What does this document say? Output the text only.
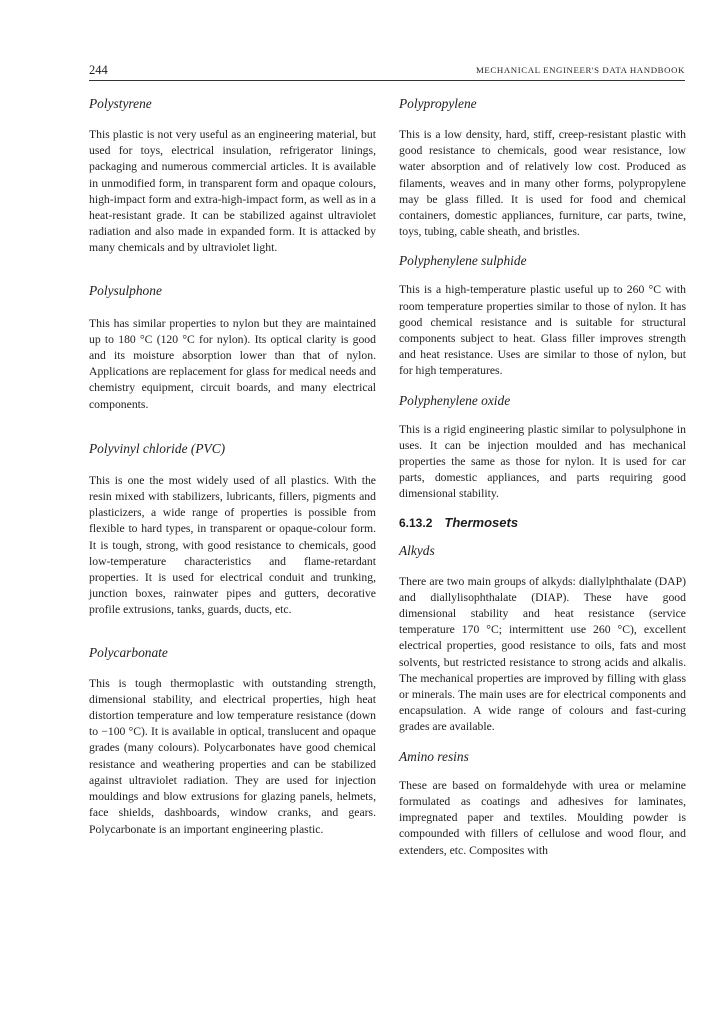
244	MECHANICAL ENGINEER'S DATA HANDBOOK
Polystyrene

This plastic is not very useful as an engineering material, but used for toys, electrical insulation, refrigerator linings, packaging and numerous commercial articles. It is available in unmodified form, in transparent form and opaque colours, high-impact form and extra-high-impact form, as well as in a heat-resistant grade. It can be stabilized against ultraviolet radiation and also made in expanded form. It is attacked by many chemicals and by ultraviolet light.

Polysulphone

This has similar properties to nylon but they are maintained up to 180 °C (120 °C for nylon). Its optical clarity is good and its moisture absorption lower than that of nylon. Applications are replacement for glass for medical needs and chemistry equipment, circuit boards, and many electrical components.

Polyvinyl chloride (PVC)

This is one the most widely used of all plastics. With the resin mixed with stabilizers, lubricants, fillers, pigments and plasticizers, a wide range of properties is possible from flexible to hard types, in transparent or opaque-colour form. It is tough, strong, with good resistance to chemicals, good low-temperature characteristics and flame-retardant properties. It is used for electrical conduit and trunking, junction boxes, rainwater pipes and gutters, decorative profile extrusions, tanks, guards, ducts, etc.

Polycarbonate

This is tough thermoplastic with outstanding strength, dimensional stability, and electrical properties, high heat distortion temperature and low temperature resistance (down to −100 °C). It is available in optical, translucent and opaque grades (many colours). Polycarbonates have good chemical resistance and weathering properties and can be stabilized against ultraviolet radiation. They are used for injection mouldings and blow extrusions for glazing panels, helmets, face shields, dashboards, window cranks, and gears. Polycarbonate is an important engineering plastic.

Polypropylene

This is a low density, hard, stiff, creep-resistant plastic with good resistance to chemicals, good wear resistance, low water absorption and of relatively low cost. Produced as filaments, weaves and in many other forms, polypropylene may be glass filled. It is used for food and chemical containers, domestic appliances, furniture, car parts, twine, toys, tubing, cable sheath, and bristles.

Polyphenylene sulphide

This is a high-temperature plastic useful up to 260 °C with room temperature properties similar to those of nylon. It has good chemical resistance and is suitable for structural components subject to heat. Glass filler improves strength and heat resistance. Uses are similar to those of nylon, but for high temperatures.

Polyphenylene oxide

This is a rigid engineering plastic similar to polysulphone in uses. It can be injection moulded and has mechanical properties the same as those for nylon. It is used for car parts, domestic appliances, and parts requiring good dimensional stability.

6.13.2 Thermosets
Alkyds

There are two main groups of alkyds: diallylphthalate (DAP) and diallylisophthalate (DIAP). These have good dimensional stability and heat resistance (service temperature 170 °C; intermittent use 260 °C), excellent electrical properties, good resistance to oils, fats and most solvents, but restricted resistance to strong acids and alkalis. The mechanical properties are improved by filling with glass or minerals. The main uses are for electrical components and encapsulation. A wide range of colours and fast-curing grades are available.

Amino resins

These are based on formaldehyde with urea or melamine formulated as coatings and adhesives for laminates, impregnated paper and textiles. Moulding powder is compounded with fillers of cellulose and wood flour, and extenders, etc. Composites with
